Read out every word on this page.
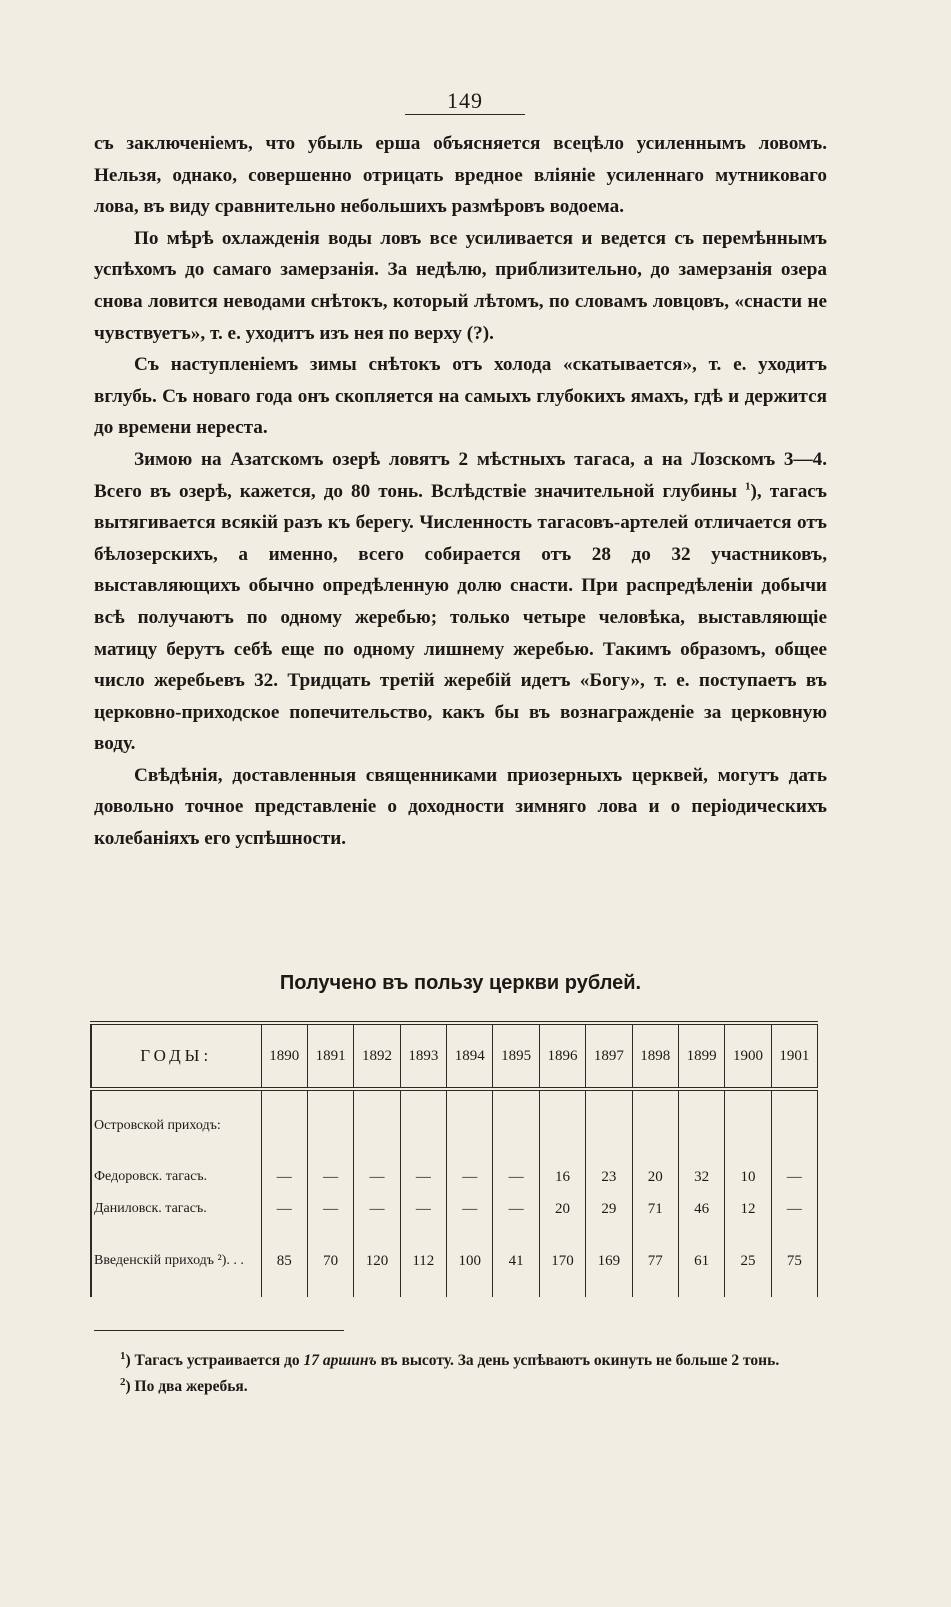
149

съ заключеніемъ, что убыль ерша объясняется всецѣло усиленнымъ ловомъ. Нельзя, однако, совершенно отрицать вредное вліяніе усиленнаго мутниковаго лова, въ виду сравнительно небольшихъ размѣровъ водоема.

По мѣрѣ охлажденія воды ловъ все усиливается и ведется съ перемѣннымъ успѣхомъ до самаго замерзанія. За недѣлю, приблизительно, до замерзанія озера снова ловится неводами снѣтокъ, который лѣтомъ, по словамъ ловцовъ, «снасти не чувствуетъ», т. е. уходитъ изъ нея по верху (?).

Съ наступленіемъ зимы снѣтокъ отъ холода «скатывается», т. е. уходитъ вглубь. Съ новаго года онъ скопляется на самыхъ глубокихъ ямахъ, гдѣ и держится до времени нереста.

Зимою на Азатскомъ озерѣ ловятъ 2 мѣстныхъ тагаса, а на Лозскомъ 3—4. Всего въ озерѣ, кажется, до 80 тонь. Вслѣдствіе значительной глубины $^1$), тагасъ вытягивается всякій разъ къ берегу. Численность тагасовъ-артелей отличается отъ бѣлозерскихъ, а именно, всего собирается отъ 28 до 32 участниковъ, выставляющихъ обычно опредѣленную долю снасти. При распредѣленіи добычи всѣ получаютъ по одному жеребью; только четыре человѣка, выставляющіе матицу берутъ себѣ еще по одному лишнему жеребью. Такимъ образомъ, общее число жеребьевъ 32. Тридцать третій жеребій идетъ «Богу», т. е. поступаетъ въ церковно-приходское попечительство, какъ бы въ вознагражденіе за церковную воду.

Свѣдѣнія, доставленныя священниками приозерныхъ церквей, могутъ дать довольно точное представленіе о доходности зимняго лова и о періодическихъ колебаніяхъ его успѣшности.

Получено въ пользу церкви рублей.
ГОДЫ:	1890	1891	1892	1893	1894	1895	1896	1897	1898	1899	1900	1901
Островской приходъ:												
Федоровск. тагасъ.	—	—	—	—	—	—	16	23	20	32	10	—
Даниловск. тагасъ.	—	—	—	—	—	—	20	29	71	46	12	—
Введенскій приходъ ²). . .	85	70	120	112	100	41	170	169	77	61	25	75

$^1$) Тагасъ устраивается до 17 аршинъ въ высоту. За день успѣваютъ окинуть не больше 2 тонь.

$^2$) По два жеребья.
